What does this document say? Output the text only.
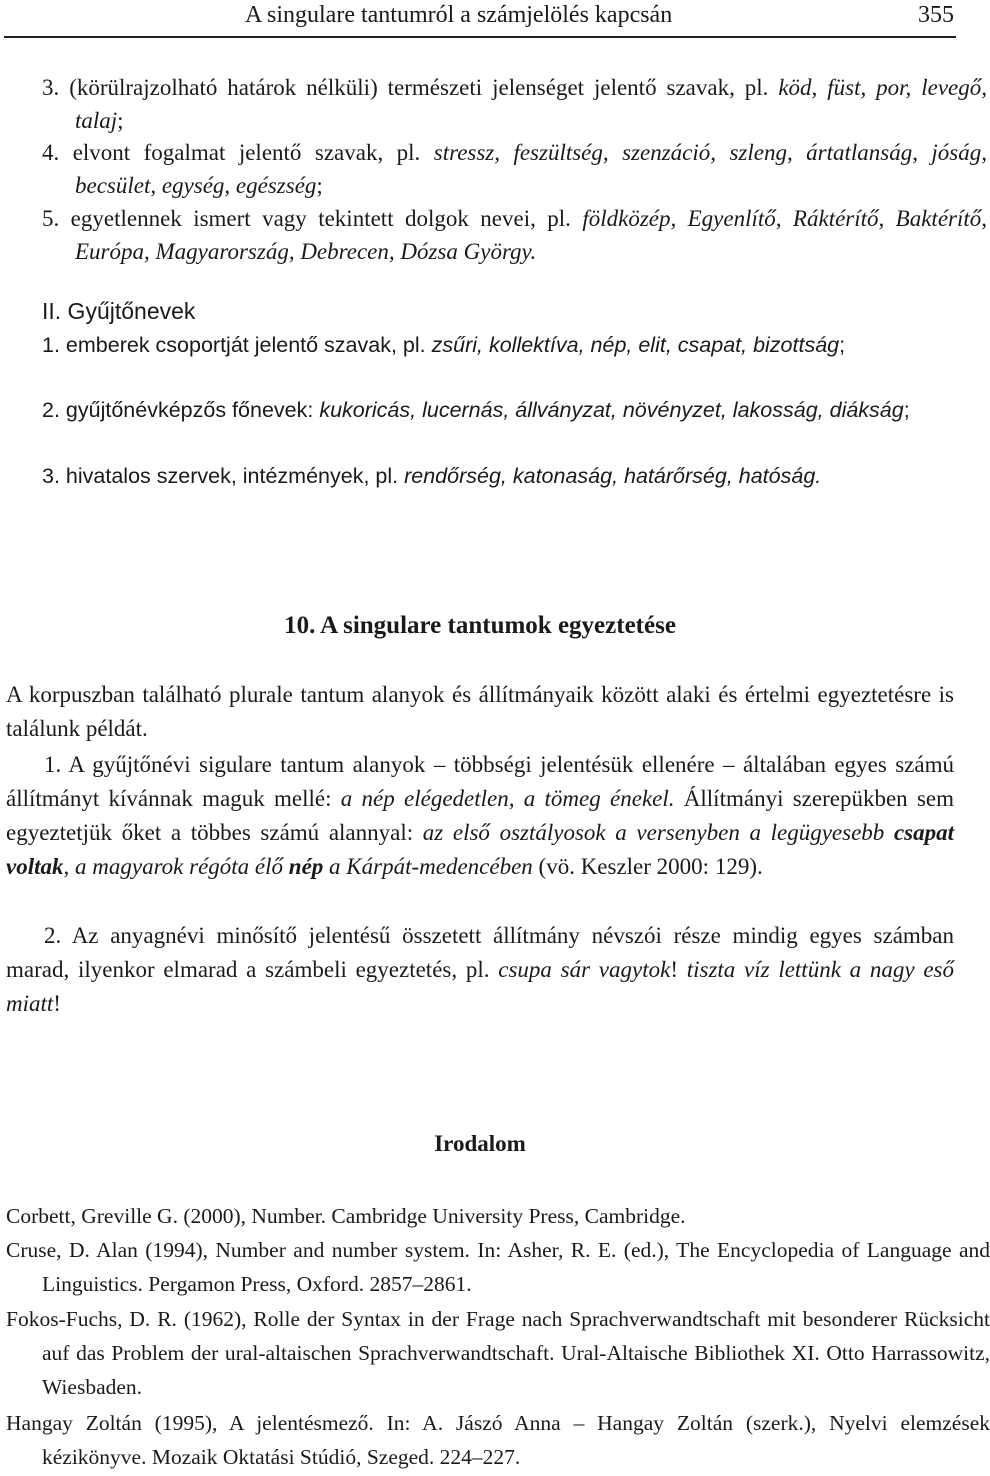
A singulare tantumról a számjelölés kapcsán	355
3. (körülrajzolható határok nélküli) természeti jelenséget jelentő szavak, pl. köd, füst, por, levegő, talaj;
4. elvont fogalmat jelentő szavak, pl. stressz, feszültség, szenzáció, szleng, ártatlanság, jóság, becsület, egység, egészség;
5. egyetlennek ismert vagy tekintett dolgok nevei, pl. földközép, Egyenlítő, Ráktérítő, Baktérítő, Európa, Magyarország, Debrecen, Dózsa György.
II. Gyűjtőnevek
1. emberek csoportját jelentő szavak, pl. zsűri, kollektíva, nép, elit, csapat, bizottság;
2. gyűjtőnévképzős főnevek: kukoricás, lucernás, állványzat, növényzet, lakosság, diákság;
3. hivatalos szervek, intézmények, pl. rendőrség, katonaság, határőrség, hatóság.
10. A singulare tantumok egyeztetése
A korpuszban található plurale tantum alanyok és állítmányaik között alaki és értelmi egyeztetésre is találunk példát.
1. A gyűjtőnévi sigulare tantum alanyok – többségi jelentésük ellenére – általában egyes számú állítmányt kívánnak maguk mellé: a nép elégedetlen, a tömeg énekel. Állítmányi szerepükben sem egyeztetjük őket a többes számú alannyal: az első osztályosok a versenyben a legügyesebb csapat voltak, a magyarok régóta élő nép a Kárpát-medencében (vö. Keszler 2000: 129).
2. Az anyagnévi minősítő jelentésű összetett állítmány névszói része mindig egyes számban marad, ilyenkor elmarad a számbeli egyeztetés, pl. csupa sár vagytok! tiszta víz lettünk a nagy eső miatt!
Irodalom
Corbett, Greville G. (2000), Number. Cambridge University Press, Cambridge.
Cruse, D. Alan (1994), Number and number system. In: Asher, R. E. (ed.), The Encyclopedia of Language and Linguistics. Pergamon Press, Oxford. 2857–2861.
Fokos-Fuchs, D. R. (1962), Rolle der Syntax in der Frage nach Sprachverwandtschaft mit besonderer Rücksicht auf das Problem der ural-altaischen Sprachverwandtschaft. Ural-Altaische Bibliothek XI. Otto Harrassowitz, Wiesbaden.
Hangay Zoltán (1995), A jelentésmező. In: A. Jászó Anna – Hangay Zoltán (szerk.), Nyelvi elemzések kézikönyve. Mozaik Oktatási Stúdió, Szeged. 224–227.
